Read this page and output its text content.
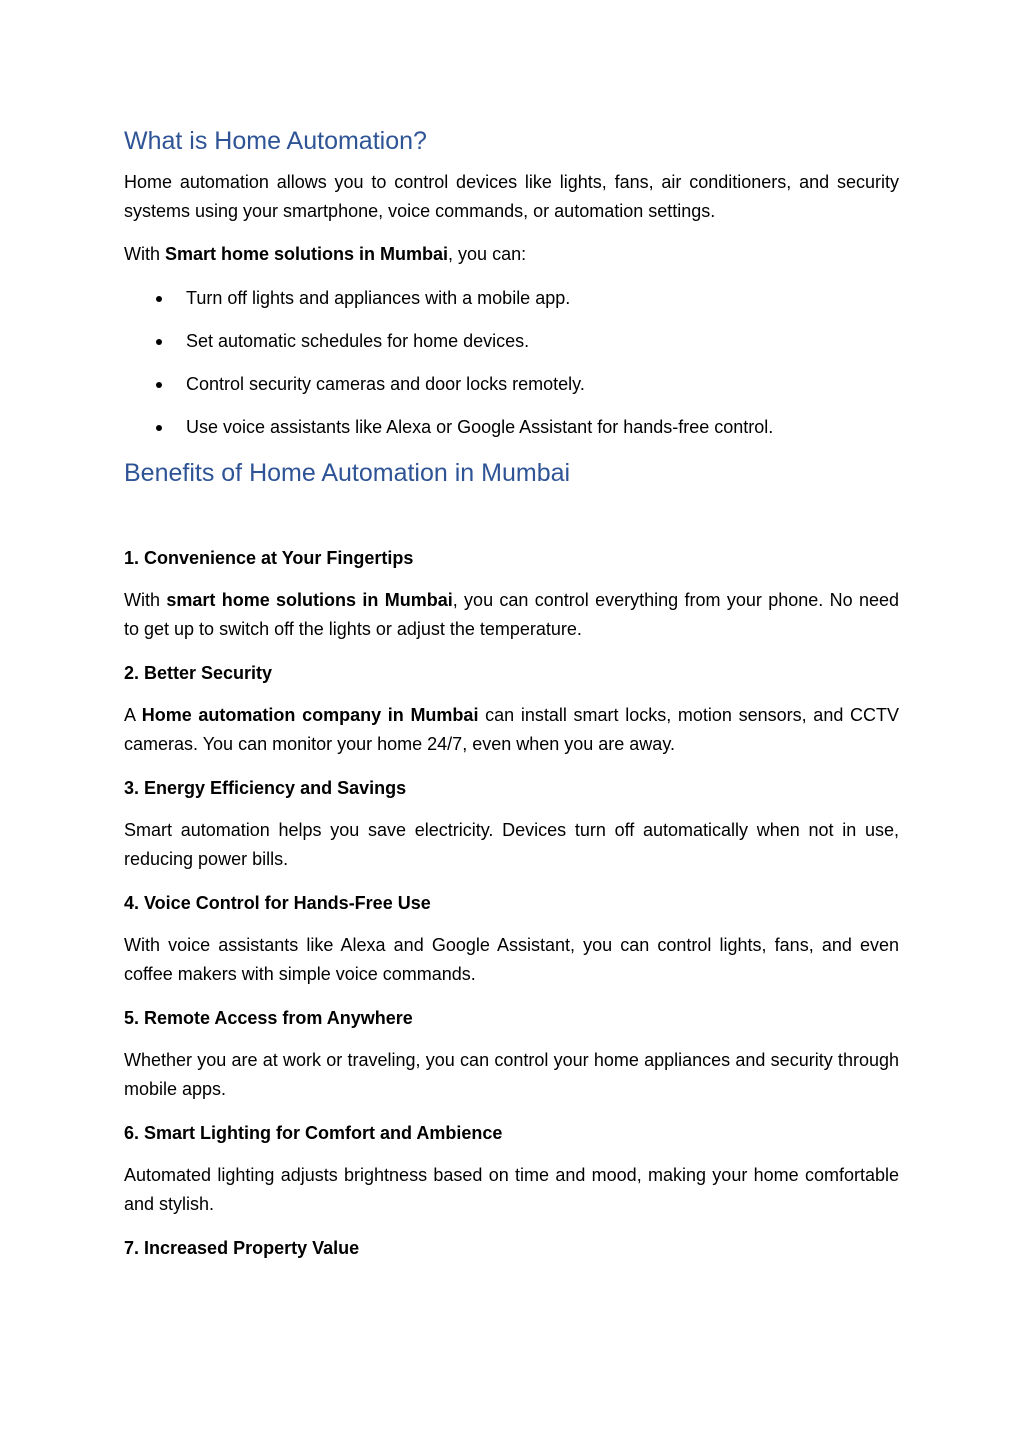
What is Home Automation?

Home automation allows you to control devices like lights, fans, air conditioners, and security systems using your smartphone, voice commands, or automation settings.

With Smart home solutions in Mumbai, you can:

Turn off lights and appliances with a mobile app.
Set automatic schedules for home devices.
Control security cameras and door locks remotely.
Use voice assistants like Alexa or Google Assistant for hands-free control.
Benefits of Home Automation in Mumbai
1. Convenience at Your Fingertips

With smart home solutions in Mumbai, you can control everything from your phone. No need to get up to switch off the lights or adjust the temperature.

2. Better Security

A Home automation company in Mumbai can install smart locks, motion sensors, and CCTV cameras. You can monitor your home 24/7, even when you are away.

3. Energy Efficiency and Savings

Smart automation helps you save electricity. Devices turn off automatically when not in use, reducing power bills.

4. Voice Control for Hands-Free Use

With voice assistants like Alexa and Google Assistant, you can control lights, fans, and even coffee makers with simple voice commands.

5. Remote Access from Anywhere

Whether you are at work or traveling, you can control your home appliances and security through mobile apps.

6. Smart Lighting for Comfort and Ambience

Automated lighting adjusts brightness based on time and mood, making your home comfortable and stylish.

7. Increased Property Value
